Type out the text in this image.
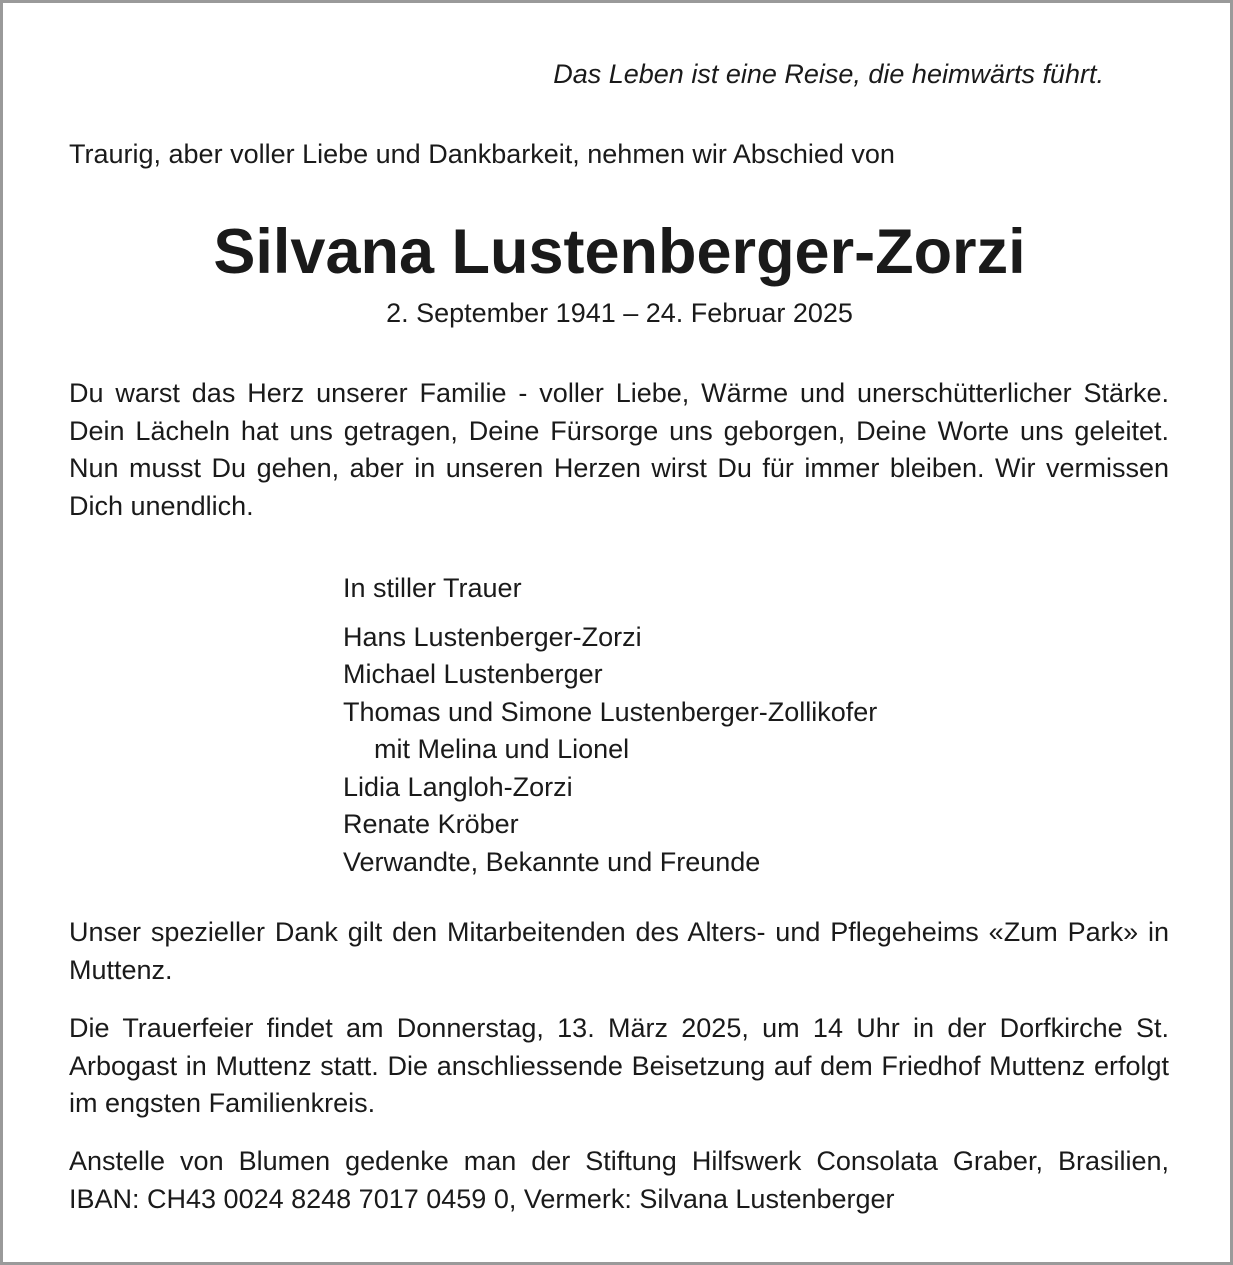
Das Leben ist eine Reise, die heimwärts führt.
Traurig, aber voller Liebe und Dankbarkeit, nehmen wir Abschied von
Silvana Lustenberger-Zorzi
2. September 1941 – 24. Februar 2025
Du warst das Herz unserer Familie - voller Liebe, Wärme und unerschütterlicher Stärke. Dein Lächeln hat uns getragen, Deine Fürsorge uns geborgen, Deine Worte uns geleitet. Nun musst Du gehen, aber in unseren Herzen wirst Du für immer bleiben. Wir vermissen Dich unendlich.
In stiller Trauer
Hans Lustenberger-Zorzi
Michael Lustenberger
Thomas und Simone Lustenberger-Zollikofer
mit Melina und Lionel
Lidia Langloh-Zorzi
Renate Kröber
Verwandte, Bekannte und Freunde
Unser spezieller Dank gilt den Mitarbeitenden des Alters- und Pflegeheims «Zum Park» in Muttenz.
Die Trauerfeier findet am Donnerstag, 13. März 2025, um 14 Uhr in der Dorfkirche St. Arbogast in Muttenz statt. Die anschliessende Beisetzung auf dem Friedhof Muttenz erfolgt im engsten Familienkreis.
Anstelle von Blumen gedenke man der Stiftung Hilfswerk Consolata Graber, Brasilien, IBAN: CH43 0024 8248 7017 0459 0, Vermerk: Silvana Lustenberger
